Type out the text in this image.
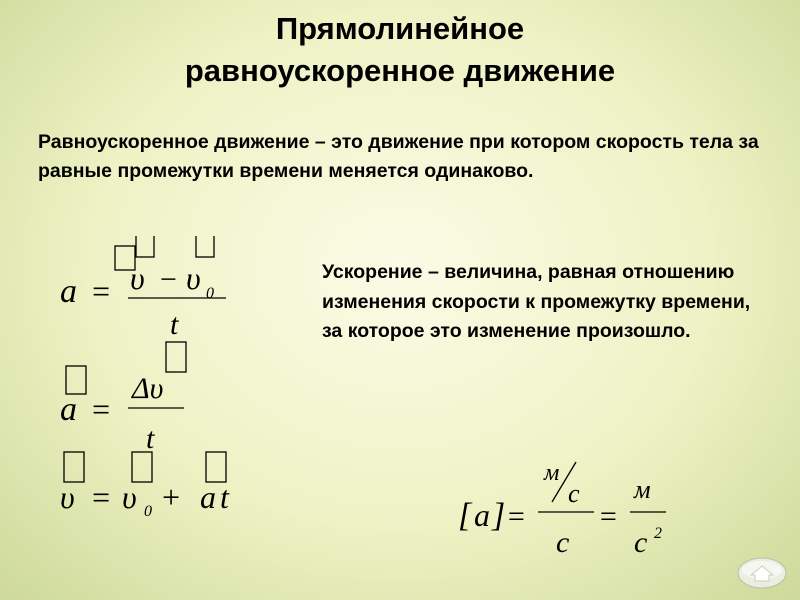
Прямолинейное
равноускоренное движение
Равноускоренное движение – это движение при котором скорость тела за равные промежутки времени меняется одинаково.
Ускорение – величина, равная отношению изменения скорости к промежутку времени, за которое это изменение произошло.
a = υ − υ 0
t
a =
Δυ
t
υ = υ 0 + a t	[ a ] =
м
с
с
=
м
с 2
